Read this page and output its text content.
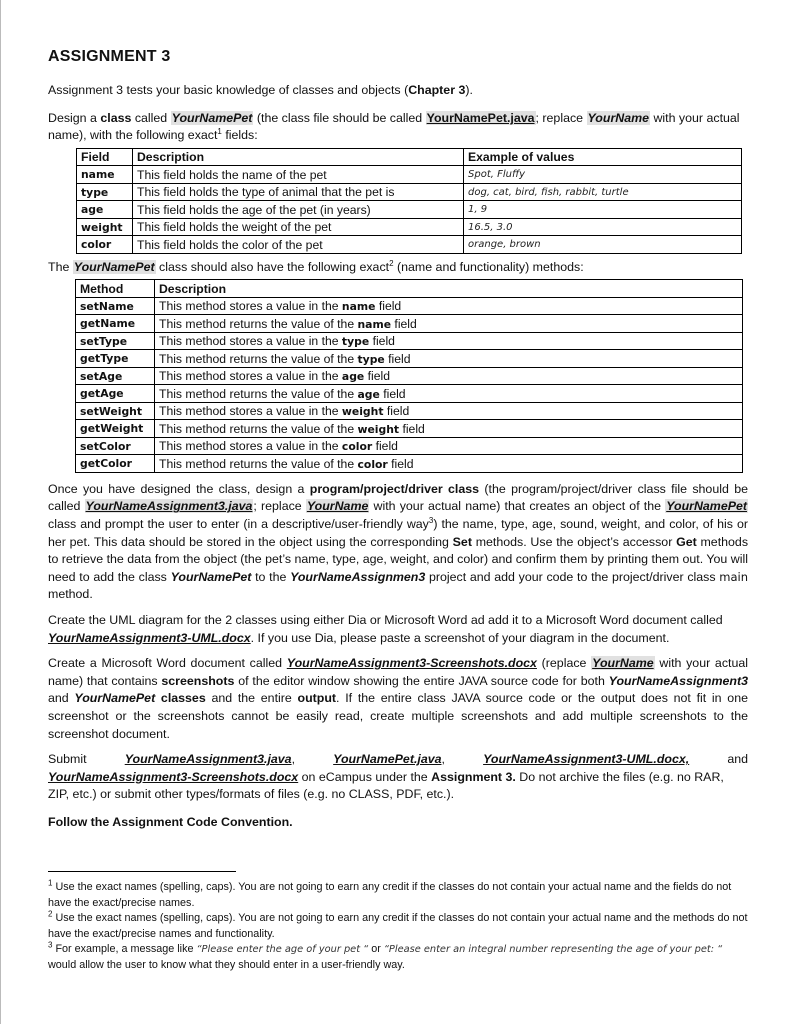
ASSIGNMENT 3

Assignment 3 tests your basic knowledge of classes and objects (Chapter 3).

Design a class called YourNamePet (the class file should be called YourNamePet.java; replace YourName with your actual name), with the following exact$^1$ fields:

Field	Description	Example of values
name	This field holds the name of the pet	Spot, Fluffy
type	This field holds the type of animal that the pet is	dog, cat, bird, fish, rabbit, turtle
age	This field holds the age of the pet (in years)	1, 9
weight	This field holds the weight of the pet	16.5, 3.0
color	This field holds the color of the pet	orange, brown

The YourNamePet class should also have the following exact$^2$ (name and functionality) methods:

Method	Description
setName	This method stores a value in the name field
getName	This method returns the value of the name field
setType	This method stores a value in the type field
getType	This method returns the value of the type field
setAge	This method stores a value in the age field
getAge	This method returns the value of the age field
setWeight	This method stores a value in the weight field
getWeight	This method returns the value of the weight field
setColor	This method stores a value in the color field
getColor	This method returns the value of the color field

Once you have designed the class, design a program/project/driver class (the program/project/driver class file should be called YourNameAssignment3.java; replace YourName with your actual name) that creates an object of the YourNamePet class and prompt the user to enter (in a descriptive/user-friendly way$^3$) the name, type, age, sound, weight, and color, of his or her pet. This data should be stored in the object using the corresponding Set methods. Use the object’s accessor Get methods to retrieve the data from the object (the pet’s name, type, age, weight, and color) and confirm them by printing them out. You will need to add the class YourNamePet to the YourNameAssignmen3 project and add your code to the project/driver class main method.

Create the UML diagram for the 2 classes using either Dia or Microsoft Word ad add it to a Microsoft Word document called YourNameAssignment3-UML.docx. If you use Dia, please paste a screenshot of your diagram in the document.

Create a Microsoft Word document called YourNameAssignment3-Screenshots.docx (replace YourName with your actual name) that contains screenshots of the editor window showing the entire JAVA source code for both YourNameAssignment3 and YourNamePet classes and the entire output. If the entire class JAVA source code or the output does not fit in one screenshot or the screenshots cannot be easily read, create multiple screenshots and add multiple screenshots to the screenshot document.

Submit	YourNameAssignment3.java,	YourNamePet.java,	YourNameAssignment3-UML.docx,	and

YourNameAssignment3-Screenshots.docx on eCampus under the Assignment 3. Do not archive the files (e.g. no RAR, ZIP, etc.) or submit other types/formats of files (e.g. no CLASS, PDF, etc.).

Follow the Assignment Code Convention.

$^1$ Use the exact names (spelling, caps). You are not going to earn any credit if the classes do not contain your actual name and the fields do not have the exact/precise names.

$^2$ Use the exact names (spelling, caps). You are not going to earn any credit if the classes do not contain your actual name and the methods do not have the exact/precise names and functionality.

$^3$ For example, a message like “Please enter the age of your pet “ or “Please enter an integral number representing the age of your pet: “ would allow the user to know what they should enter in a user-friendly way.
